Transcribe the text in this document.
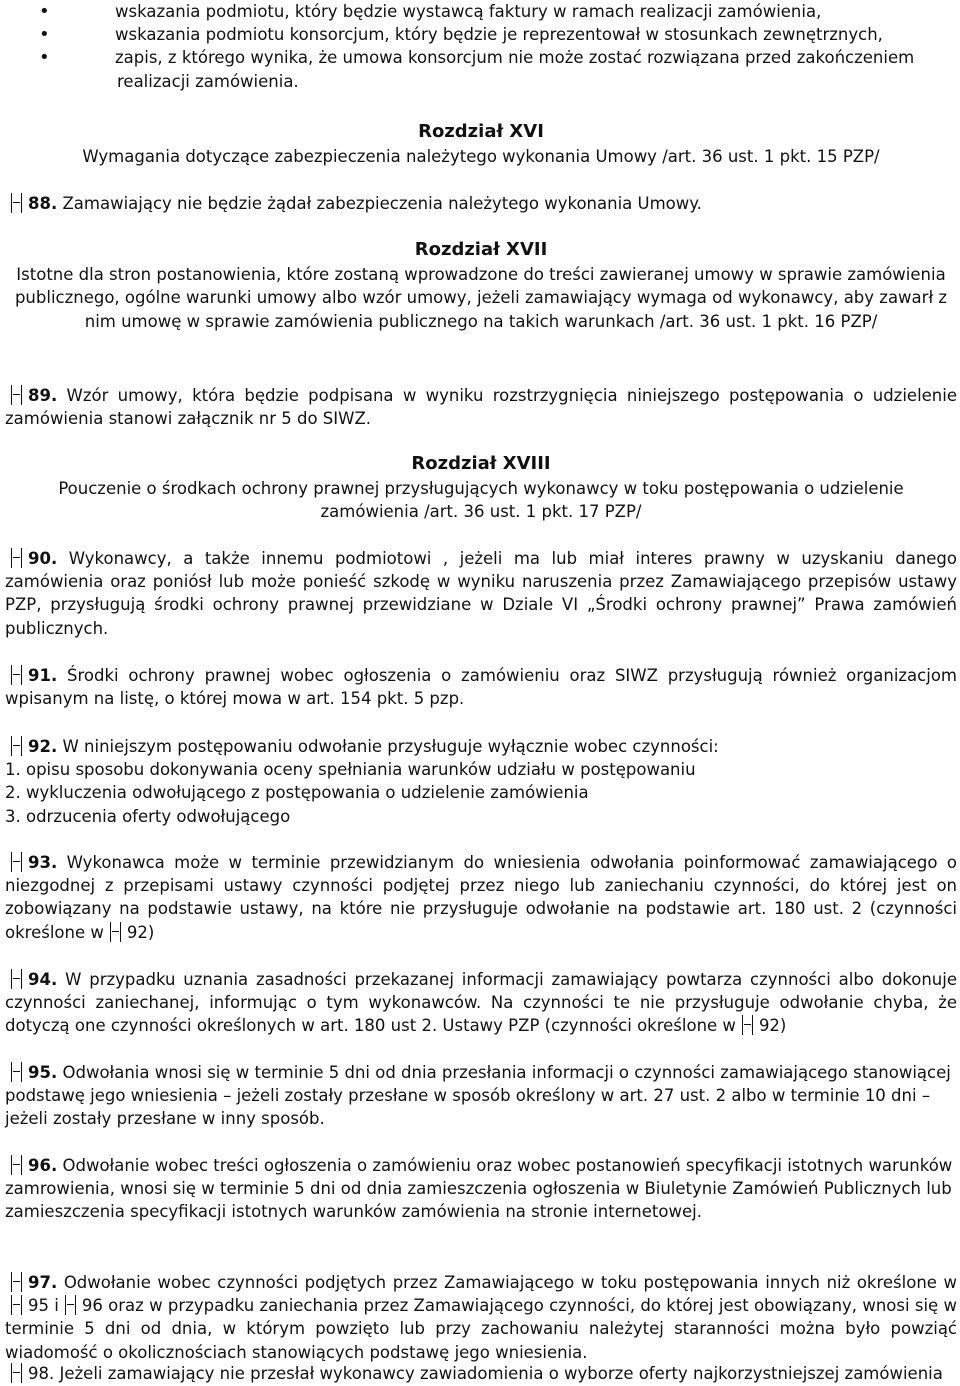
•	wskazania podmiotu, który będzie wystawcą faktury w ramach realizacji zamówienia,
•	wskazania podmiotu konsorcjum, który będzie je reprezentował w stosunkach zewnętrznych,
•	zapis, z którego wynika, że umowa konsorcjum nie może zostać rozwiązana przed zakończeniem
realizacji zamówienia.
Rozdział XVI
Wymagania dotyczące zabezpieczenia należytego wykonania Umowy /art. 36 ust. 1 pkt. 15 PZP/
88. Zamawiający nie będzie żądał zabezpieczenia należytego wykonania Umowy.
Rozdział XVII
Istotne dla stron postanowienia, które zostaną wprowadzone do treści zawieranej umowy w sprawie zamówienia publicznego, ogólne warunki umowy albo wzór umowy, jeżeli zamawiający wymaga od wykonawcy, aby zawarł z nim umowę w sprawie zamówienia publicznego na takich warunkach /art. 36 ust. 1 pkt. 16 PZP/
89. Wzór umowy, która będzie podpisana w wyniku rozstrzygnięcia niniejszego postępowania o udzielenie zamówienia stanowi załącznik nr 5 do SIWZ.
Rozdział XVIII
Pouczenie o środkach ochrony prawnej przysługujących wykonawcy w toku postępowania o udzielenie zamówienia /art. 36 ust. 1 pkt. 17 PZP/
90. Wykonawcy, a także innemu podmiotowi , jeżeli ma lub miał interes prawny w uzyskaniu danego zamówienia oraz poniósł lub może ponieść szkodę w wyniku naruszenia przez Zamawiającego przepisów ustawy PZP, przysługują środki ochrony prawnej przewidziane w Dziale VI „Środki ochrony prawnej” Prawa zamówień publicznych.
91. Środki ochrony prawnej wobec ogłoszenia o zamówieniu oraz SIWZ przysługują również organizacjom wpisanym na listę, o której mowa w art. 154 pkt. 5 pzp.
92. W niniejszym postępowaniu odwołanie przysługuje wyłącznie wobec czynności:
1. opisu sposobu dokonywania oceny spełniania warunków udziału w postępowaniu
2. wykluczenia odwołującego z postępowania o udzielenie zamówienia
3. odrzucenia oferty odwołującego
93. Wykonawca może w terminie przewidzianym do wniesienia odwołania poinformować zamawiającego o niezgodnej z przepisami ustawy czynności podjętej przez niego lub zaniechaniu czynności, do której jest on zobowiązany na podstawie ustawy, na które nie przysługuje odwołanie na podstawie art. 180 ust. 2 (czynności określone w 92)
94. W przypadku uznania zasadności przekazanej informacji zamawiający powtarza czynności albo dokonuje czynności zaniechanej, informując o tym wykonawców. Na czynności te nie przysługuje odwołanie chyba, że dotyczą one czynności określonych w art. 180 ust 2. Ustawy PZP (czynności określone w 92)
95. Odwołania wnosi się w terminie 5 dni od dnia przesłania informacji o czynności zamawiającego stanowiącej podstawę jego wniesienia – jeżeli zostały przesłane w sposób określony w art. 27 ust. 2 albo w terminie 10 dni – jeżeli zostały przesłane w inny sposób.
96. Odwołanie wobec treści ogłoszenia o zamówieniu oraz wobec postanowień specyfikacji istotnych warunków zamrowienia, wnosi się w terminie 5 dni od dnia zamieszczenia ogłoszenia w Biuletynie Zamówień Publicznych lub zamieszczenia specyfikacji istotnych warunków zamówienia na stronie internetowej.
97. Odwołanie wobec czynności podjętych przez Zamawiającego w toku postępowania innych niż określone w95 i 96 oraz w przypadku zaniechania przez Zamawiającego czynności, do której jest obowiązany, wnosi się w terminie 5 dni od dnia, w którym powzięto lub przy zachowaniu należytej staranności można było powziąć wiadomość o okolicznościach stanowiących podstawę jego wniesienia.
98. Jeżeli zamawiający nie przesłał wykonawcy zawiadomienia o wyborze oferty najkorzystniejszej zamówienia
